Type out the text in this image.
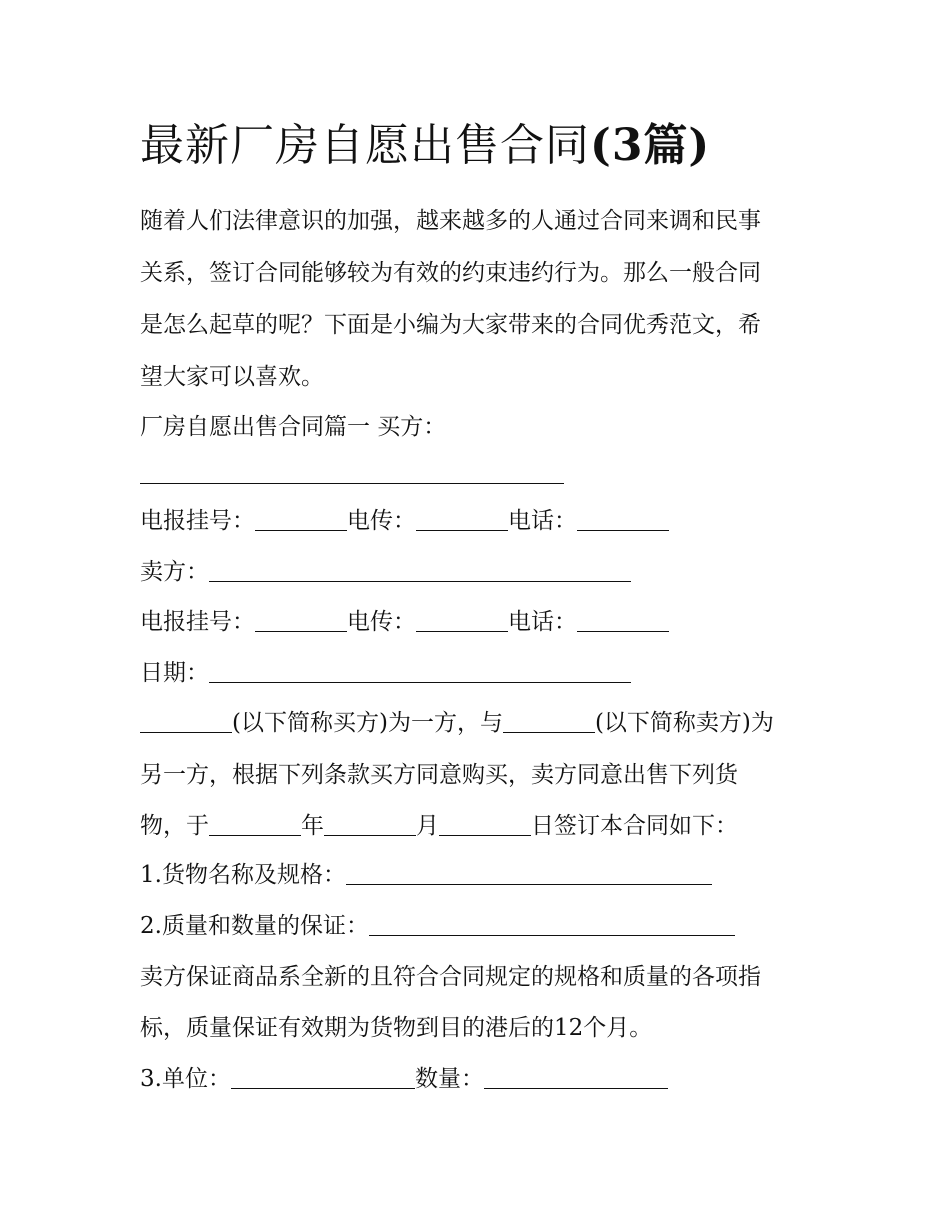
最新厂房自愿出售合同(3篇)

随着人们法律意识的加强，越来越多的人通过合同来调和民事

关系，签订合同能够较为有效的约束违约行为。那么一般合同

是怎么起草的呢？下面是小编为大家带来的合同优秀范文，希

望大家可以喜欢。

厂房自愿出售合同篇一 买方：

电报挂号：	电传：	电话：

卖方：

电报挂号：	电传：	电话：

日期：

(以下简称买方)为一方，与	(以下简称卖方)为

另一方，根据下列条款买方同意购买，卖方同意出售下列货

物，于	年	月	日签订本合同如下：

1.货物名称及规格：

2.质量和数量的保证：

卖方保证商品系全新的且符合合同规定的规格和质量的各项指

标，质量保证有效期为货物到目的港后的12个月。

3.单位：	数量：
